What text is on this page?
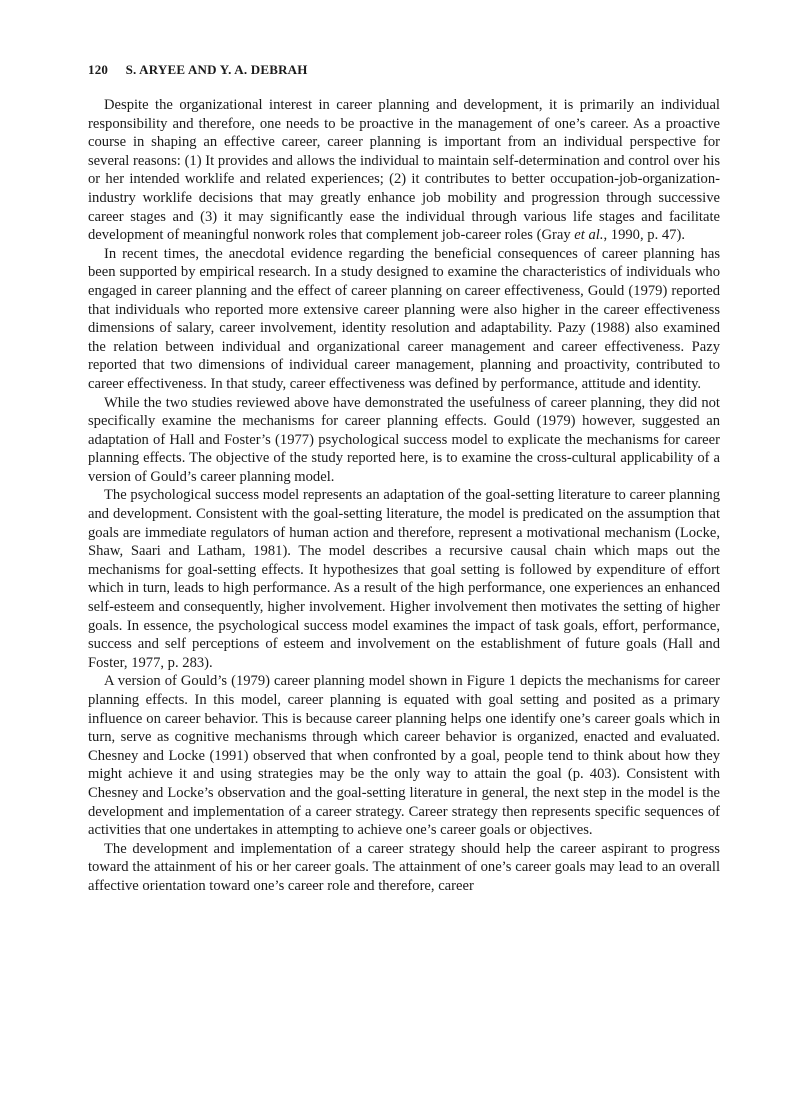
120 S. ARYEE AND Y. A. DEBRAH

Despite the organizational interest in career planning and development, it is primarily an individual responsibility and therefore, one needs to be proactive in the management of one’s career. As a proactive course in shaping an effective career, career planning is important from an individual perspective for several reasons: (1) It provides and allows the individual to maintain self-determination and control over his or her intended worklife and related experiences; (2) it contributes to better occupation-job-organization-industry worklife decisions that may greatly enhance job mobility and progression through successive career stages and (3) it may significantly ease the individual through various life stages and facilitate development of meaningful nonwork roles that complement job-career roles (Gray et al., 1990, p. 47).

In recent times, the anecdotal evidence regarding the beneficial consequences of career planning has been supported by empirical research. In a study designed to examine the characteristics of individuals who engaged in career planning and the effect of career planning on career effectiveness, Gould (1979) reported that individuals who reported more extensive career planning were also higher in the career effectiveness dimensions of salary, career involvement, identity resolution and adaptability. Pazy (1988) also examined the relation between individual and organizational career management and career effectiveness. Pazy reported that two dimensions of individual career management, planning and proactivity, contributed to career effectiveness. In that study, career effectiveness was defined by performance, attitude and identity.

While the two studies reviewed above have demonstrated the usefulness of career planning, they did not specifically examine the mechanisms for career planning effects. Gould (1979) however, suggested an adaptation of Hall and Foster’s (1977) psychological success model to explicate the mechanisms for career planning effects. The objective of the study reported here, is to examine the cross-cultural applicability of a version of Gould’s career planning model.

The psychological success model represents an adaptation of the goal-setting literature to career planning and development. Consistent with the goal-setting literature, the model is predicated on the assumption that goals are immediate regulators of human action and therefore, represent a motivational mechanism (Locke, Shaw, Saari and Latham, 1981). The model describes a recursive causal chain which maps out the mechanisms for goal-setting effects. It hypothesizes that goal setting is followed by expenditure of effort which in turn, leads to high performance. As a result of the high performance, one experiences an enhanced self-esteem and consequently, higher involvement. Higher involvement then motivates the setting of higher goals. In essence, the psychological success model examines the impact of task goals, effort, performance, success and self perceptions of esteem and involvement on the establishment of future goals (Hall and Foster, 1977, p. 283).

A version of Gould’s (1979) career planning model shown in Figure 1 depicts the mechanisms for career planning effects. In this model, career planning is equated with goal setting and posited as a primary influence on career behavior. This is because career planning helps one identify one’s career goals which in turn, serve as cognitive mechanisms through which career behavior is organized, enacted and evaluated. Chesney and Locke (1991) observed that when confronted by a goal, people tend to think about how they might achieve it and using strategies may be the only way to attain the goal (p. 403). Consistent with Chesney and Locke’s observation and the goal-setting literature in general, the next step in the model is the development and implementation of a career strategy. Career strategy then represents specific sequences of activities that one undertakes in attempting to achieve one’s career goals or objectives.

The development and implementation of a career strategy should help the career aspirant to progress toward the attainment of his or her career goals. The attainment of one’s career goals may lead to an overall affective orientation toward one’s career role and therefore, career
